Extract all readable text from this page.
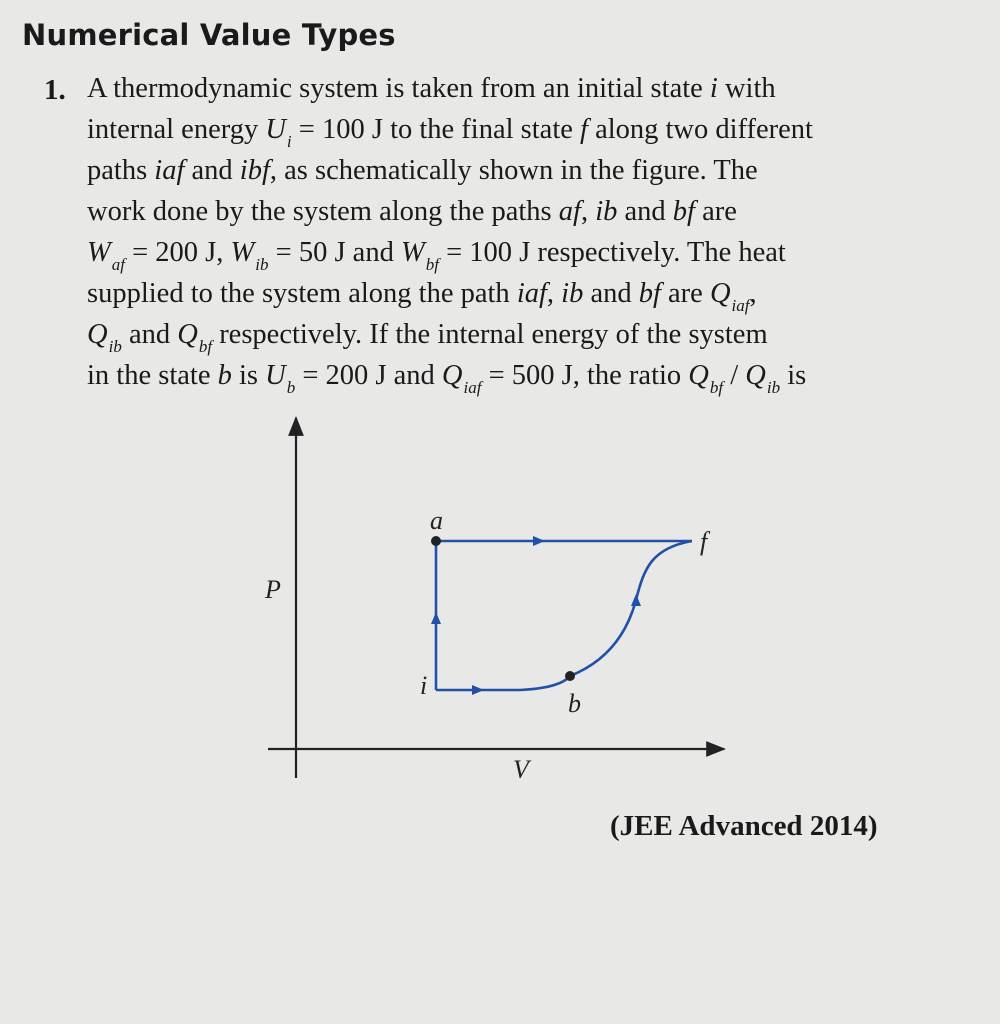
Numerical Value Types
1. A thermodynamic system is taken from an initial state i with
internal energy $U_i = 100$ J to the final state f along two different
paths iaf and ibf, as schematically shown in the figure. The
work done by the system along the paths af, ib and bf are
$W_{af} = 200$ J, $W_{ib} = 50$ J and $W_{bf} = 100$ J respectively. The heat
supplied to the system along the path iaf, ib and bf are $Q_{iaf}$,
$Q_{ib}$ and $Q_{bf}$ respectively. If the internal energy of the system
in the state b is $U_b = 200$ J and $Q_{iaf} = 500$ J, the ratio $Q_{bf} / Q_{ib}$ is
a
f
i
b
P
V
(JEE Advanced 2014)
